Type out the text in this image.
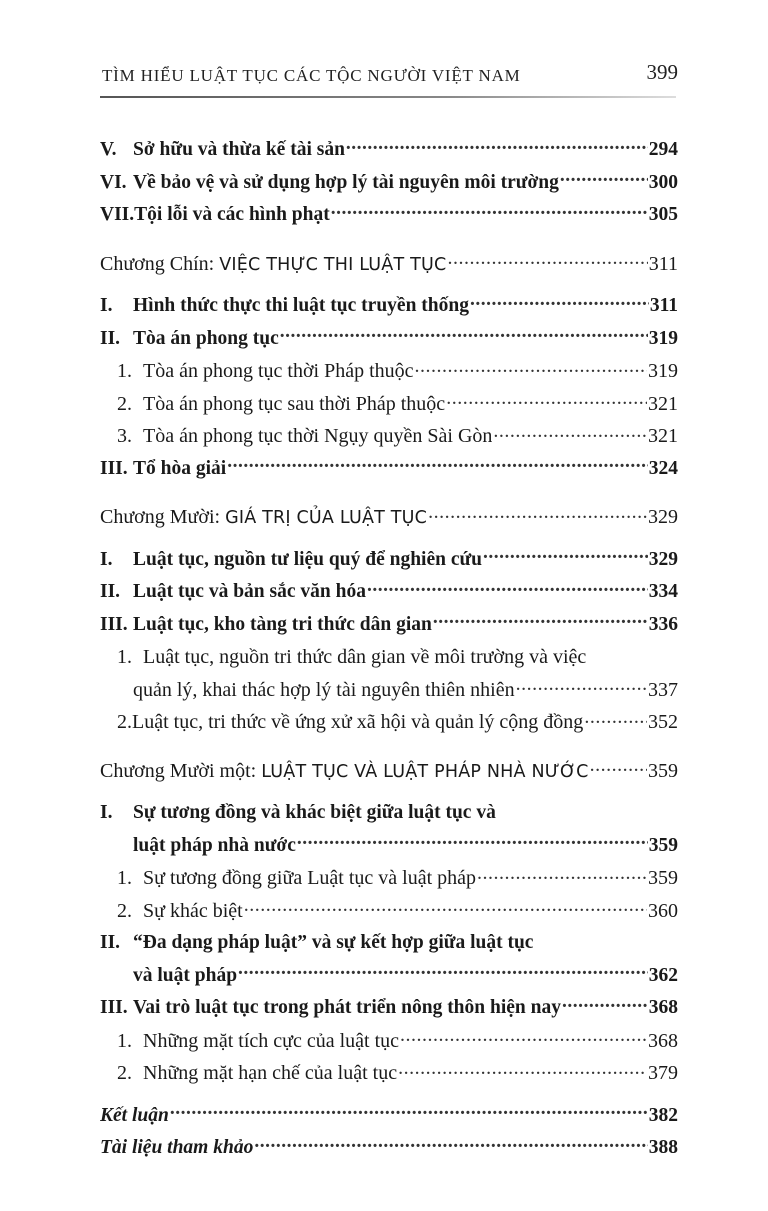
TÌM HIỂU LUẬT TỤC CÁC TỘC NGƯỜI VIỆT NAM	399
V. Sở hữu và thừa kế tài sản .....	294
VI. Về bảo vệ và sử dụng hợp lý tài nguyên môi trường .....	300
VII. Tội lỗi và các hình phạt .....	305
Chương Chín: VIỆC THỰC THI LUẬT TỤC .....	311
I.	Hình thức thực thi luật tục truyền thống .....	311
II. Tòa án phong tục .....	319
1. Tòa án phong tục thời Pháp thuộc .....	319
2. Tòa án phong tục sau thời Pháp thuộc .....	321
3. Tòa án phong tục thời Ngụy quyền Sài Gòn .....	321
III. Tổ hòa giải .....	324
Chương Mười: GIÁ TRỊ CỦA LUẬT TỤC .....	329
I.	Luật tục, nguồn tư liệu quý để nghiên cứu .....	329
II. Luật tục và bản sắc văn hóa .....	334
III. Luật tục, kho tàng tri thức dân gian .....	336
1. Luật tục, nguồn tri thức dân gian về môi trường và việc
quản lý, khai thác hợp lý tài nguyên thiên nhiên .....	337
2.Luật tục, tri thức về ứng xử xã hội và quản lý cộng đồng .....	352
Chương Mười một: LUẬT TỤC VÀ LUẬT PHÁP NHÀ NƯỚC .....	359
I.	Sự tương đồng và khác biệt giữa luật tục và
luật pháp nhà nước .....	359
1. Sự tương đồng giữa Luật tục và luật pháp .....	359
2. Sự khác biệt .....	360
II. “Đa dạng pháp luật” và sự kết hợp giữa luật tục
và luật pháp .....	362
III. Vai trò luật tục trong phát triển nông thôn hiện nay .....	368
1. Những mặt tích cực của luật tục .....	368
2. Những mặt hạn chế của luật tục .....	379
Kết luận .....	382
Tài liệu tham khảo .....	388
